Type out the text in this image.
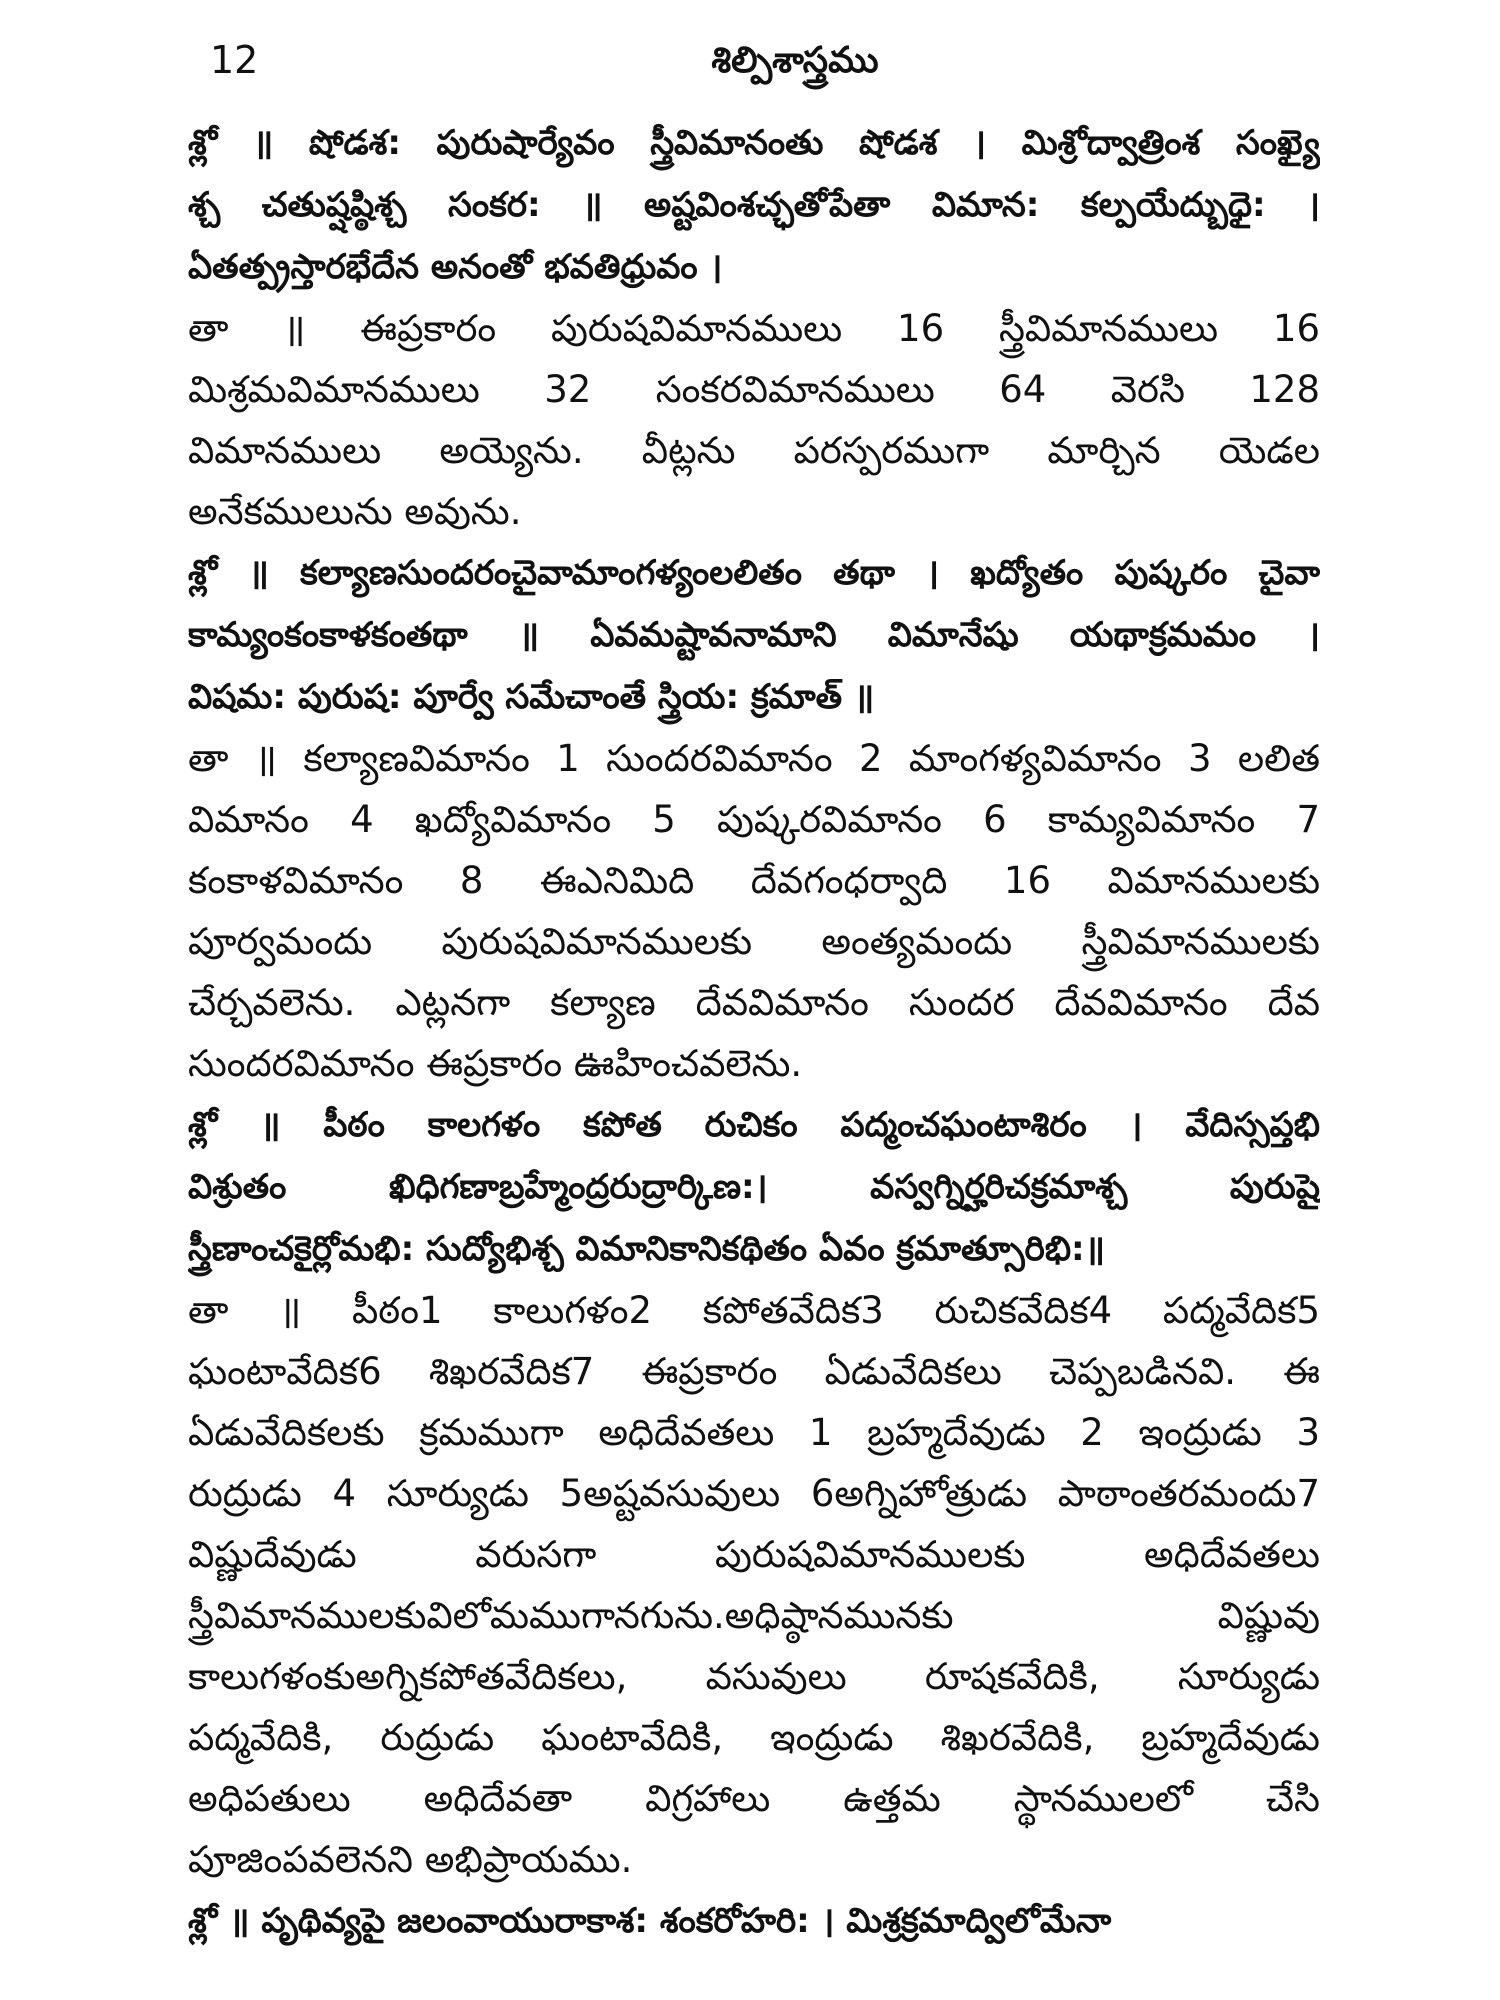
12	శిల్పిశాస్త్రము
శ్లో ॥ షోడశ: పురుషార్యేవం స్త్రీవిమానంతు షోడశ । మిశ్రోద్వాత్రింశ సంఖ్యై
శ్చ చతుష్షష్ఠిశ్చ సంకర: ॥ అష్టవింశచ్ఛతోపేతా విమాన: కల్పయేద్బుధై: ।
ఏతత్ప్రస్తారభేదేన అనంతో భవతిధ్రువం ।
తా ॥ ఈప్రకారం పురుషవిమానములు 16 స్త్రీవిమానములు 16
మిశ్రమవిమానములు 32 సంకరవిమానములు 64 వెరసి 128
విమానములు అయ్యెను. వీట్లను పరస్పరముగా మార్చిన యెడల
అనేకములును అవును.
శ్లో ॥ కల్యాణసుందరంచైవామాంగళ్యంలలితం తథా । ఖద్యోతం పుష్కరం చైవా
కామ్యంకంకాళకంతథా ॥ ఏవమష్టావనామాని విమానేషు యథాక్రమమం ।
విషమ: పురుష: పూర్వే సమేచాంతే స్త్రియ: క్రమాత్ ॥
తా ॥ కల్యాణవిమానం 1 సుందరవిమానం 2 మాంగళ్యవిమానం 3 లలిత
విమానం 4 ఖద్యోవిమానం 5 పుష్కరవిమానం 6 కామ్యవిమానం 7
కంకాళవిమానం 8 ఈఎనిమిది దేవగంధర్వాది 16 విమానములకు
పూర్వమందు పురుషవిమానములకు అంత్యమందు స్త్రీవిమానములకు
చేర్చవలెను. ఎట్లనగా కల్యాణ దేవవిమానం సుందర దేవవిమానం దేవ
సుందరవిమానం ఈప్రకారం ఊహించవలెను.
శ్లో ॥ పీఠం కాలగళం కపోత రుచికం పద్మంచఘంటాశిరం । వేదిస్సప్తభి
విశ్రుతం ఖిధిగణాబ్రహ్మేంద్రరుద్రార్కిణ:। వస్వగ్నిర్హరిచక్రమాశ్చ పురుషై
స్త్రీణాంచకైర్లోమభి: సుద్యోభిశ్చ విమానికానికథితం ఏవం క్రమాత్సూరిభి:॥
తా ॥ పీఠం1 కాలుగళం2 కపోతవేదిక3 రుచికవేదిక4 పద్మవేదిక5
ఘంటావేదిక6 శిఖరవేదిక7 ఈప్రకారం ఏడువేదికలు చెప్పబడినవి. ఈ
ఏడువేదికలకు క్రమముగా అధిదేవతలు 1 బ్రహ్మదేవుడు 2 ఇంద్రుడు 3
రుద్రుడు 4 సూర్యుడు 5అష్టవసువులు 6అగ్నిహోత్రుడు పాఠాంతరమందు7
విష్ణుదేవుడు వరుసగా పురుషవిమానములకు అధిదేవతలు
స్త్రీవిమానములకువిలోమముగానగును.అధిష్ఠానమునకు విష్ణువు
కాలుగళంకుఅగ్నికపోతవేదికలు, వసువులు రూషకవేదికి, సూర్యుడు
పద్మవేదికి, రుద్రుడు ఘంటావేదికి, ఇంద్రుడు శిఖరవేదికి, బ్రహ్మదేవుడు
అధిపతులు అధిదేవతా విగ్రహాలు ఉత్తమ స్థానములలో చేసి
పూజింపవలెనని అభిప్రాయము.
శ్లో ॥ పృథివ్యపై జలంవాయురాకాశ: శంకరోహరి: । మిశ్రక్రమాద్విలోమేనా
